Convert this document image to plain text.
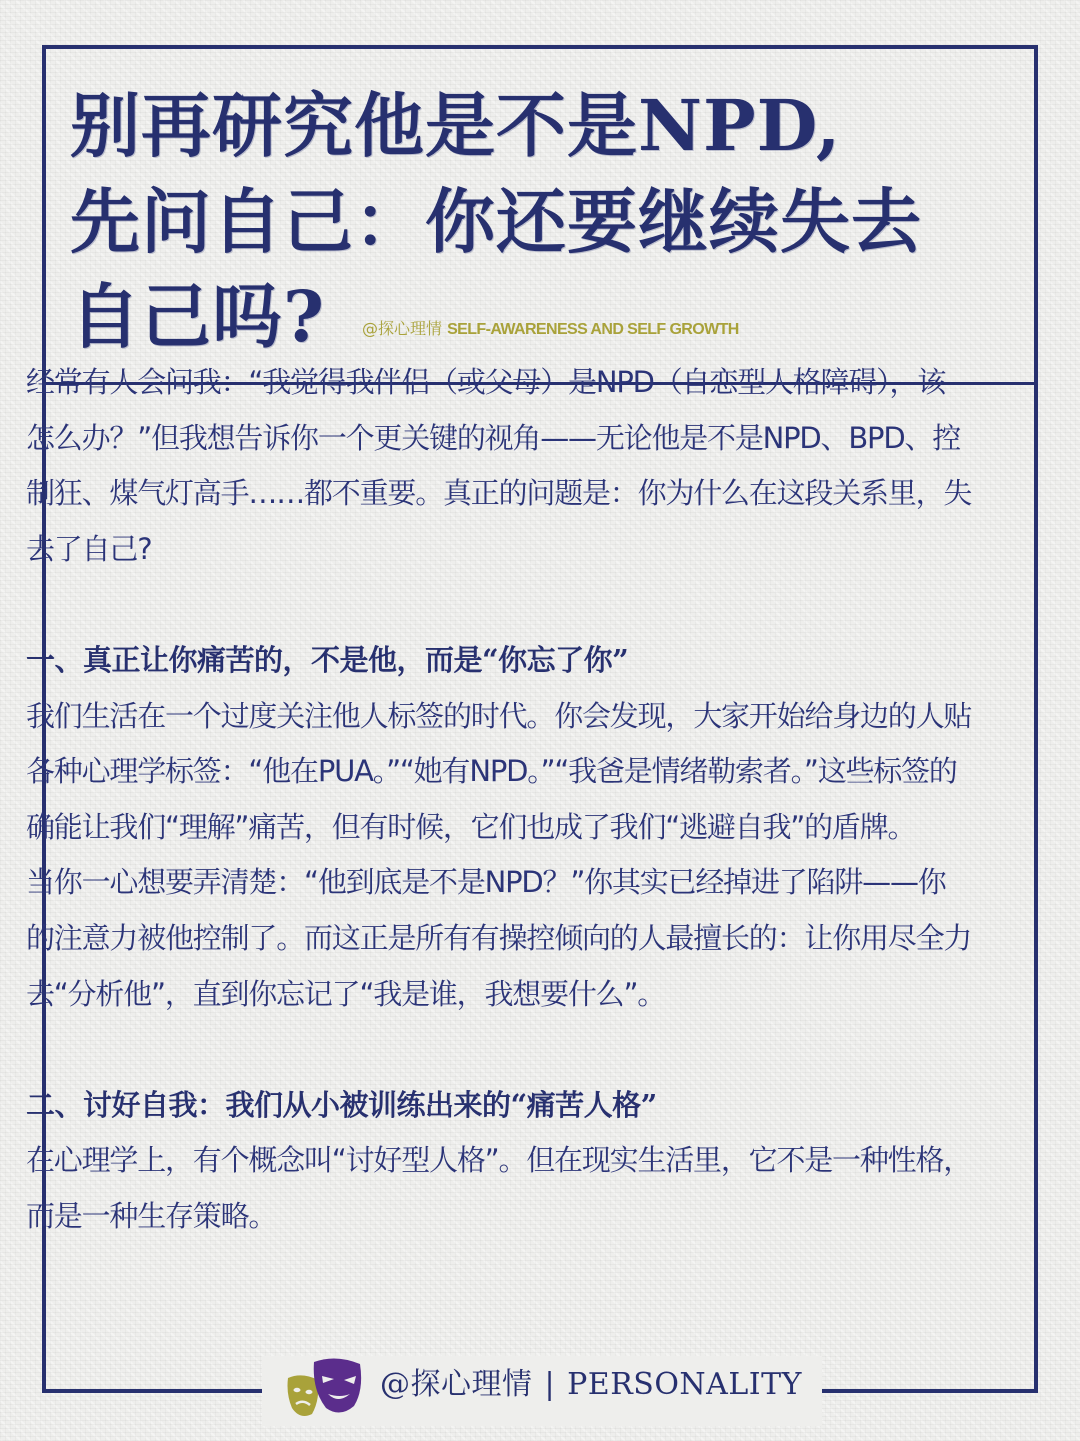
别再研究他是不是NPD,
先问自己：你还要继续失去
自己吗? @探心理情 SELF-AWARENESS AND SELF GROWTH

经常有人会问我：“我觉得我伴侣（或父母）是NPD（自恋型人格障碍），该怎么办？”但我想告诉你一个更关键的视角——无论他是不是NPD、BPD、控制狂、煤气灯高手……都不重要。真正的问题是：你为什么在这段关系里，失去了自己?

一、真正让你痛苦的，不是他，而是“你忘了你”

我们生活在一个过度关注他人标签的时代。你会发现，大家开始给身边的人贴各种心理学标签：“他在PUA。”“她有NPD。”“我爸是情绪勒索者。”这些标签的确能让我们“理解”痛苦，但有时候，它们也成了我们“逃避自我”的盾牌。

当你一心想要弄清楚：“他到底是不是NPD？”你其实已经掉进了陷阱——你的注意力被他控制了。而这正是所有有操控倾向的人最擅长的：让你用尽全力去“分析他”，直到你忘记了“我是谁，我想要什么”。

二、讨好自我：我们从小被训练出来的“痛苦人格”

在心理学上，有个概念叫“讨好型人格”。但在现实生活里，它不是一种性格，而是一种生存策略。

@探心理情 | PERSONALITY
